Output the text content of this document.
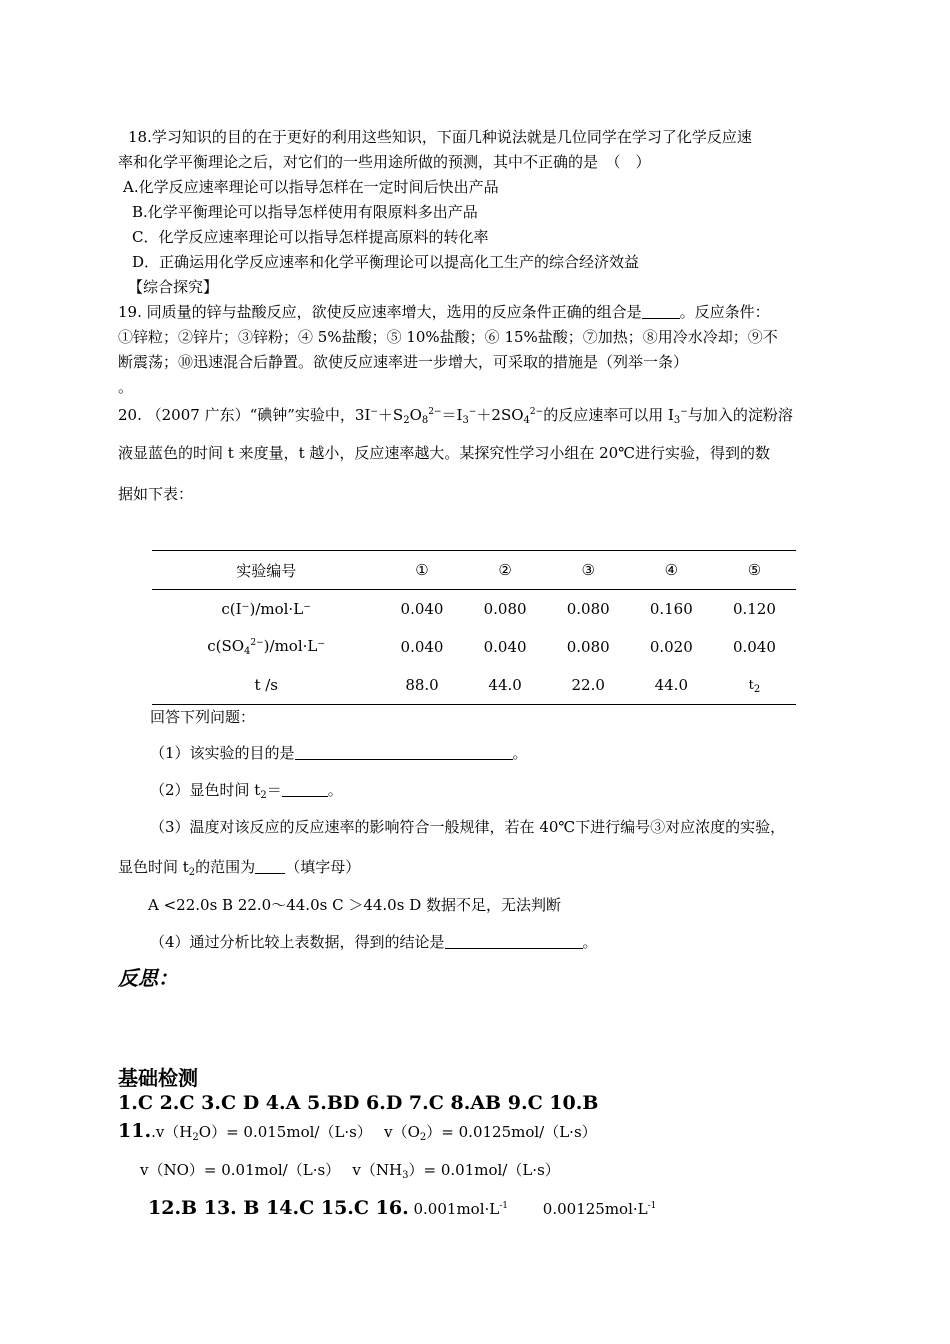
18.学习知识的目的在于更好的利用这些知识，下面几种说法就是几位同学在学习了化学反应速
率和化学平衡理论之后，对它们的一些用途所做的预测，其中不正确的是　（　）
A.化学反应速率理论可以指导怎样在一定时间后快出产品
B.化学平衡理论可以指导怎样使用有限原料多出产品
C．化学反应速率理论可以指导怎样提高原料的转化率
D．正确运用化学反应速率和化学平衡理论可以提高化工生产的综合经济效益
【综合探究】
19. 同质量的锌与盐酸反应，欲使反应速率增大，选用的反应条件正确的组合是	。反应条件：
①锌粒；②锌片；③锌粉；④ 5%盐酸；⑤ 10%盐酸；⑥ 15%盐酸；⑦加热；⑧用冷水冷却；⑨不
断震荡；⑩迅速混合后静置。欲使反应速率进一步增大，可采取的措施是（列举一条）
。
20. （2007 广东）“碘钟”实验中，$3I^-+S_2O_8^{2-}=I_3^-+2SO_4^{2-}$的反应速率可以用 $I_3^-$与加入的淀粉溶
液显蓝色的时间 t 来度量，t 越小，反应速率越大。某探究性学习小组在 20℃进行实验，得到的数
据如下表：
实验编号	①	②	③	④	⑤
c(I⁻)/mol·L⁻	0.040	0.080	0.080	0.160	0.120
$c(SO_4^{2-})/mol\cdot L^-$	0.040	0.040	0.080	0.020	0.040
t /s	88.0	44.0	22.0	44.0	$t_2$
回答下列问题：
（1）该实验的目的是	。
（2）显色时间 $t_2=$	。
（3）温度对该反应的反应速率的影响符合一般规律，若在 40℃下进行编号③对应浓度的实验，
显色时间 $t_2$的范围为 （填字母）
A <22.0s B 22.0～44.0s C ＞44.0s D 数据不足，无法判断
（4）通过分析比较上表数据，得到的结论是	。
反思：
基础检测
1.C 2.C 3.C D 4.A 5.BD 6.D 7.C 8.AB 9.C 10.B
$11..v(H_2O)= 0.015mol/(L\cdot s)$　 $v(O_2)= 0.0125mol/(L\cdot s)$
v（NO）= 0.01mol/（L·s）　 $v(NH_3)= 0.01mol/(L\cdot s)$
12.B 13. B 14.C 15.C 16. $0.001mol\cdot L^{-1}$　　 $0.00125mol\cdot L^{-1}$
